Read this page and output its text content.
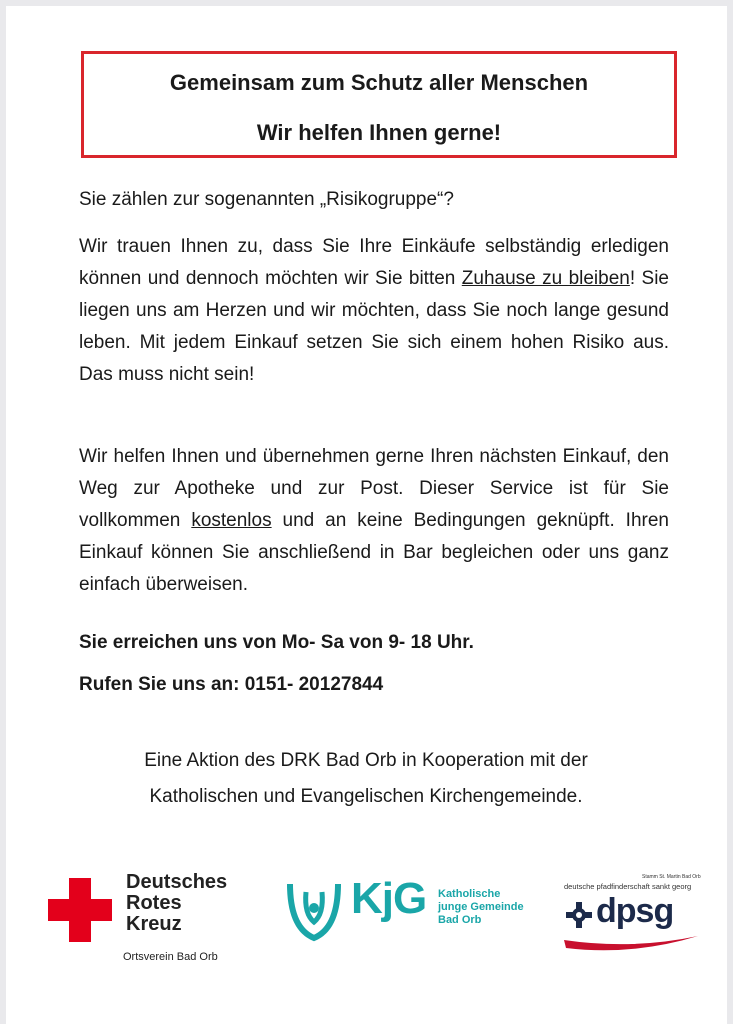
Gemeinsam zum Schutz aller Menschen
Wir helfen Ihnen gerne!
Sie zählen zur sogenannten „Risikogruppe“?
Wir trauen Ihnen zu, dass Sie Ihre Einkäufe selbständig erledigen können und dennoch möchten wir Sie bitten Zuhause zu bleiben! Sie liegen uns am Herzen und wir möchten, dass Sie noch lange gesund leben. Mit jedem Einkauf setzen Sie sich einem hohen Risiko aus. Das muss nicht sein!
Wir helfen Ihnen und übernehmen gerne Ihren nächsten Einkauf, den Weg zur Apotheke und zur Post. Dieser Service ist für Sie vollkommen kostenlos und an keine Bedingungen geknüpft. Ihren Einkauf können Sie anschließend in Bar begleichen oder uns ganz einfach überweisen.
Sie erreichen uns von Mo- Sa von 9- 18 Uhr.
Rufen Sie uns an: 0151- 20127844
Eine Aktion des DRK Bad Orb in Kooperation mit der
Katholischen und Evangelischen Kirchengemeinde.
Deutsches
Rotes
Kreuz
Ortsverein Bad Orb
KjG Katholische
junge Gemeinde
Bad Orb
Stamm St. Martin Bad Orb
deutsche pfadfinderschaft sankt georg
dpsg
